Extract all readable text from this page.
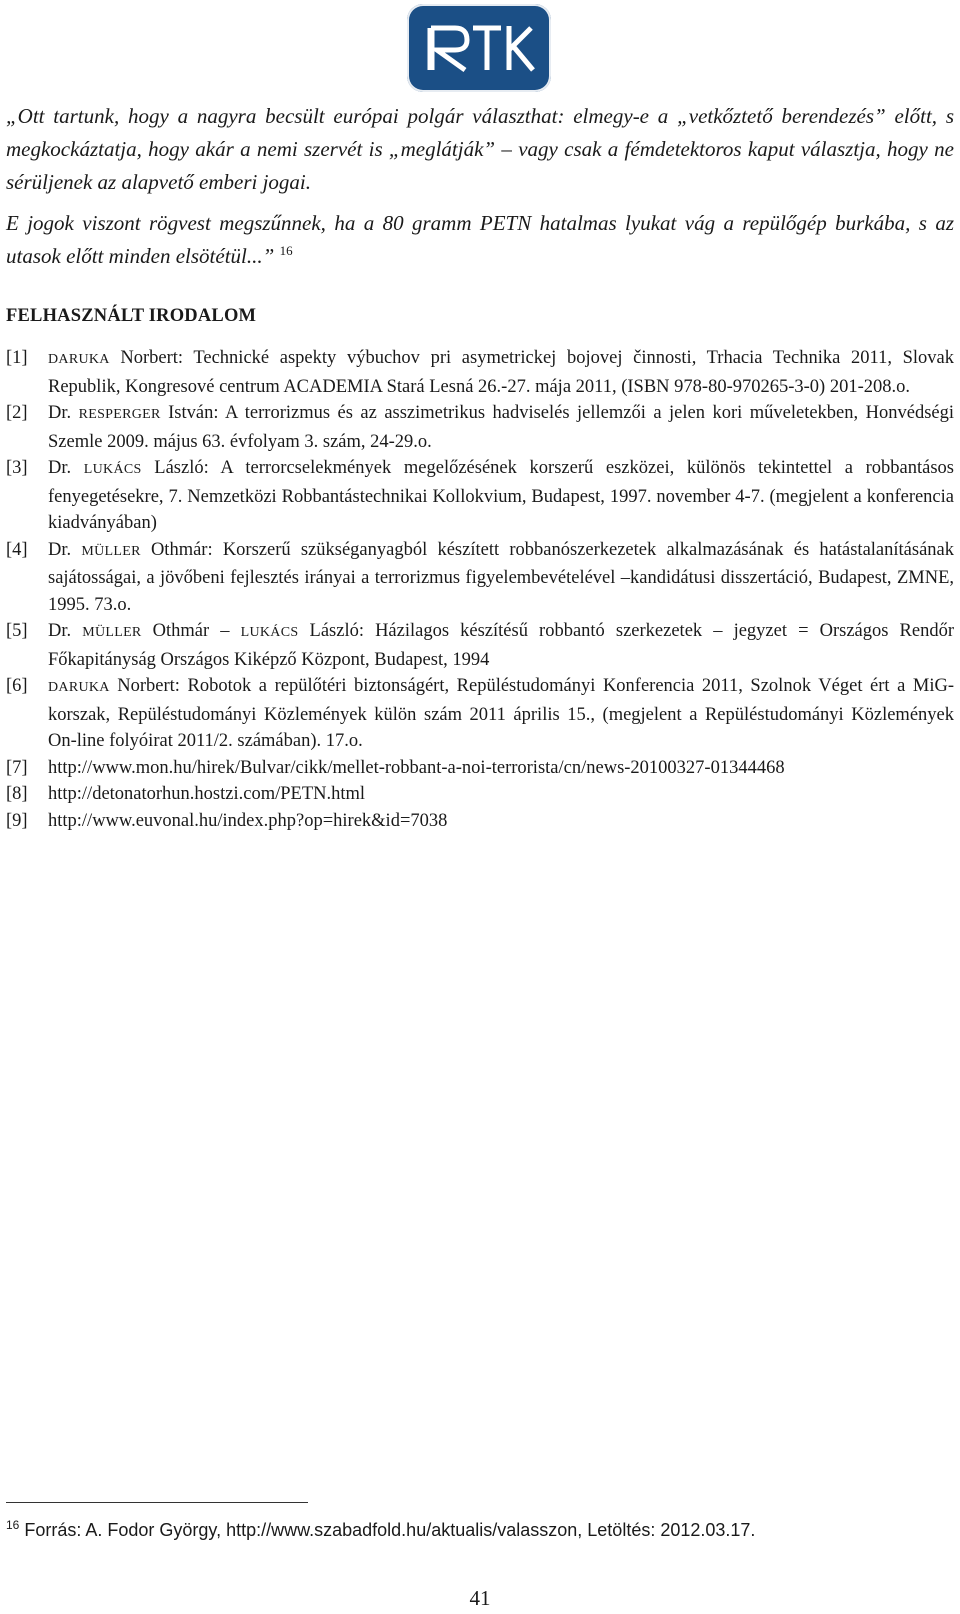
„Ott tartunk, hogy a nagyra becsült európai polgár választhat: elmegy-e a „vetkőztető berendezés” előtt, s megkockáztatja, hogy akár a nemi szervét is „meglátják” – vagy csak a fémdetektoros kaput választja, hogy ne sérüljenek az alapvető emberi jogai.

E jogok viszont rögvest megszűnnek, ha a 80 gramm PETN hatalmas lyukat vág a repülőgép burkába, s az utasok előtt minden elsötétül...” $^{16}$

FELHASZNÁLT IRODALOM
[1]	DARUKA Norbert: Technické aspekty výbuchov pri asymetrickej bojovej činnosti, Trhacia Technika 2011, Slovak Republik, Kongresové centrum ACADEMIA Stará Lesná 26.-27. mája 2011, (ISBN 978-80-970265-3-0) 201-208.o.
[2]	Dr. RESPERGER István: A terrorizmus és az asszimetrikus hadviselés jellemzői a jelen kori műveletekben, Honvédségi Szemle 2009. május 63. évfolyam 3. szám, 24-29.o.
[3]	Dr. LUKÁCS László: A terrorcselekmények megelőzésének korszerű eszközei, különös tekintettel a robbantásos fenyegetésekre, 7. Nemzetközi Robbantástechnikai Kollokvium, Budapest, 1997. november 4-7. (megjelent a konferencia kiadványában)
[4]	Dr. MÜLLER Othmár: Korszerű szükséganyagból készített robbanószerkezetek alkalmazásának és hatástalanításának sajátosságai, a jövőbeni fejlesztés irányai a terrorizmus figyelembevételével –kandidátusi disszertáció, Budapest, ZMNE, 1995. 73.o.
[5]	Dr. MÜLLER Othmár – LUKÁCS László: Házilagos készítésű robbantó szerkezetek – jegyzet = Országos Rendőr Főkapitányság Országos Kiképző Központ, Budapest, 1994
[6]	DARUKA Norbert: Robotok a repülőtéri biztonságért, Repüléstudományi Konferencia 2011, Szolnok Véget ért a MiG-korszak, Repüléstudományi Közlemények külön szám 2011 április 15., (megjelent a Repüléstudományi Közlemények On-line folyóirat 2011/2. számában). 17.o.
[7]	http://www.mon.hu/hirek/Bulvar/cikk/mellet-robbant-a-noi-terrorista/cn/news-20100327-01344468
[8]	http://detonatorhun.hostzi.com/PETN.html
[9]	http://www.euvonal.hu/index.php?op=hirek&id=7038
$^{16}$ Forrás: A. Fodor György, http://www.szabadfold.hu/aktualis/valasszon, Letöltés: 2012.03.17.
41
